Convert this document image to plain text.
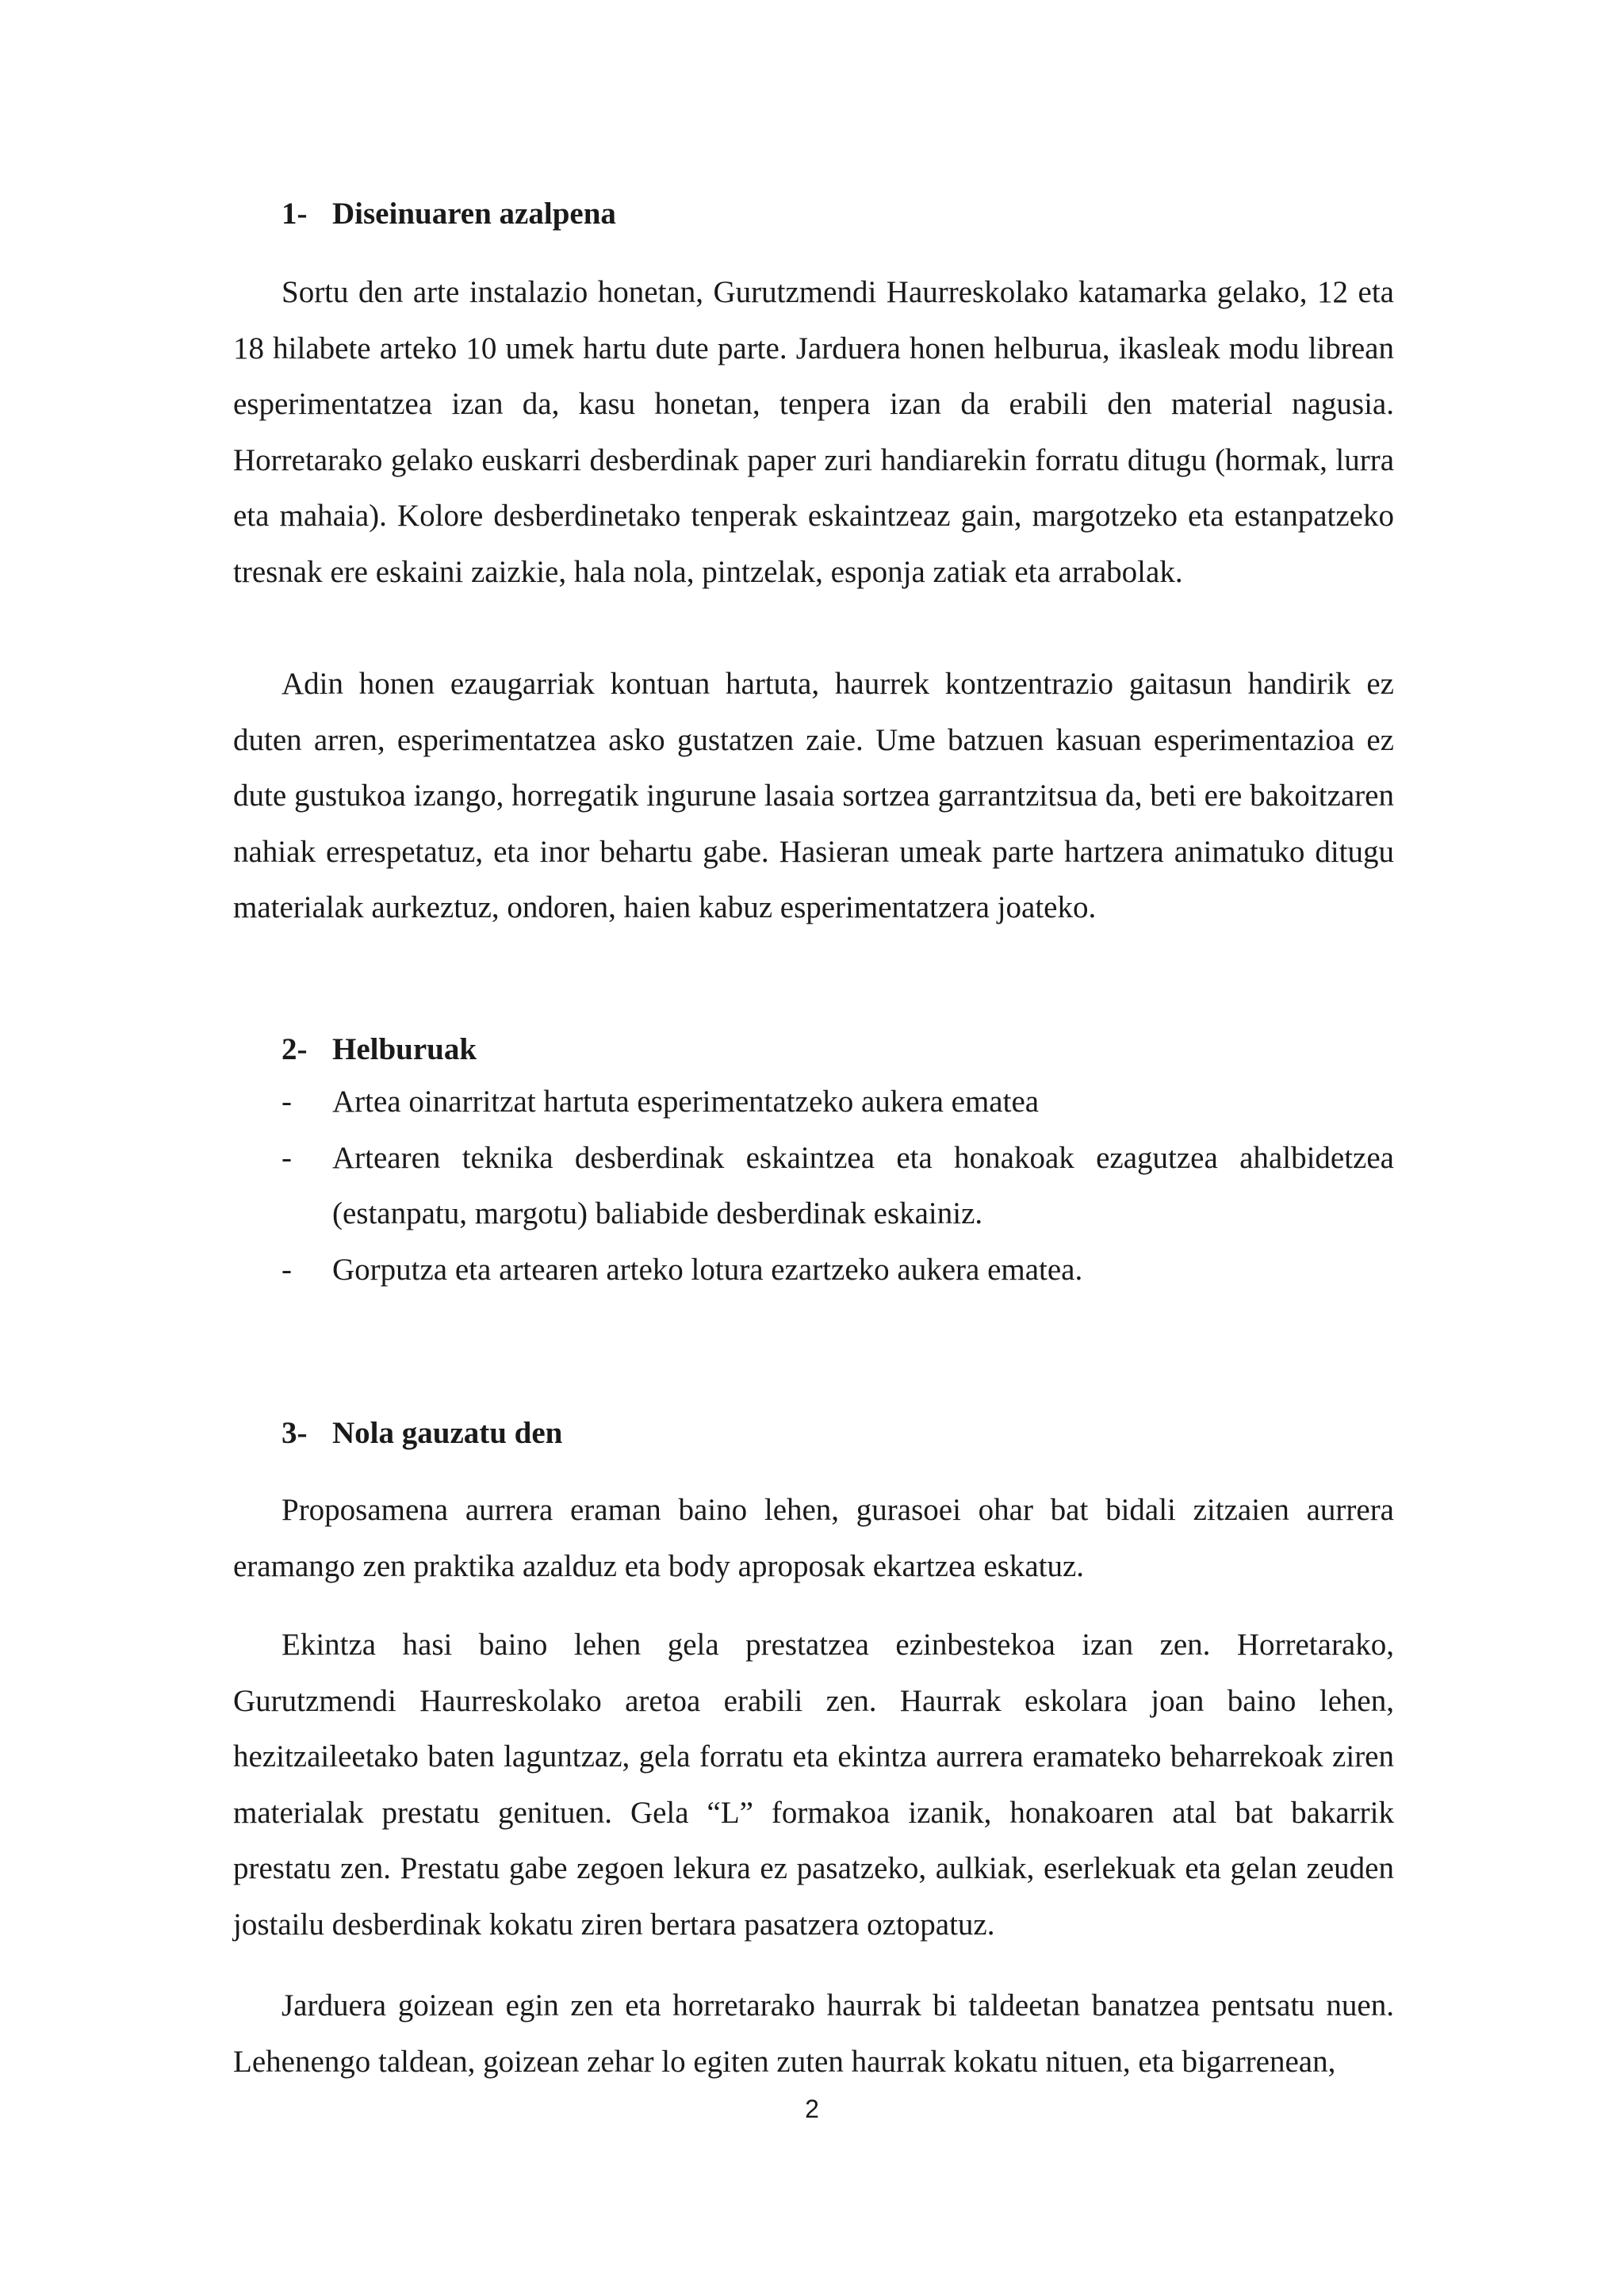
1- Diseinuaren azalpena

Sortu den arte instalazio honetan, Gurutzmendi Haurreskolako katamarka gelako, 12 eta 18 hilabete arteko 10 umek hartu dute parte. Jarduera honen helburua, ikasleak modu librean esperimentatzea izan da, kasu honetan, tenpera izan da erabili den material nagusia. Horretarako gelako euskarri desberdinak paper zuri handiarekin forratu ditugu (hormak, lurra eta mahaia). Kolore desberdinetako tenperak eskaintzeaz gain, margotzeko eta estanpatzeko tresnak ere eskaini zaizkie, hala nola, pintzelak, esponja zatiak eta arrabolak.

Adin honen ezaugarriak kontuan hartuta, haurrek kontzentrazio gaitasun handirik ez duten arren, esperimentatzea asko gustatzen zaie. Ume batzuen kasuan esperimentazioa ez dute gustukoa izango, horregatik ingurune lasaia sortzea garrantzitsua da, beti ere bakoitzaren nahiak errespetatuz, eta inor behartu gabe. Hasieran umeak parte hartzera animatuko ditugu materialak aurkeztuz, ondoren, haien kabuz esperimentatzera joateko.

2- Helburuak
- Artea oinarritzat hartuta esperimentatzeko aukera ematea
- Artearen teknika desberdinak eskaintzea eta honakoak ezagutzea ahalbidetzea (estanpatu, margotu) baliabide desberdinak eskainiz.
- Gorputza eta artearen arteko lotura ezartzeko aukera ematea.
3- Nola gauzatu den

Proposamena aurrera eraman baino lehen, gurasoei ohar bat bidali zitzaien aurrera eramango zen praktika azalduz eta body aproposak ekartzea eskatuz.

Ekintza hasi baino lehen gela prestatzea ezinbestekoa izan zen. Horretarako, Gurutzmendi Haurreskolako aretoa erabili zen. Haurrak eskolara joan baino lehen, hezitzaileetako baten laguntzaz, gela forratu eta ekintza aurrera eramateko beharrekoak ziren materialak prestatu genituen. Gela “L” formakoa izanik, honakoaren atal bat bakarrik prestatu zen. Prestatu gabe zegoen lekura ez pasatzeko, aulkiak, eserlekuak eta gelan zeuden jostailu desberdinak kokatu ziren bertara pasatzera oztopatuz.

Jarduera goizean egin zen eta horretarako haurrak bi taldeetan banatzea pentsatu nuen. Lehenengo taldean, goizean zehar lo egiten zuten haurrak kokatu nituen, eta bigarrenean,

2
